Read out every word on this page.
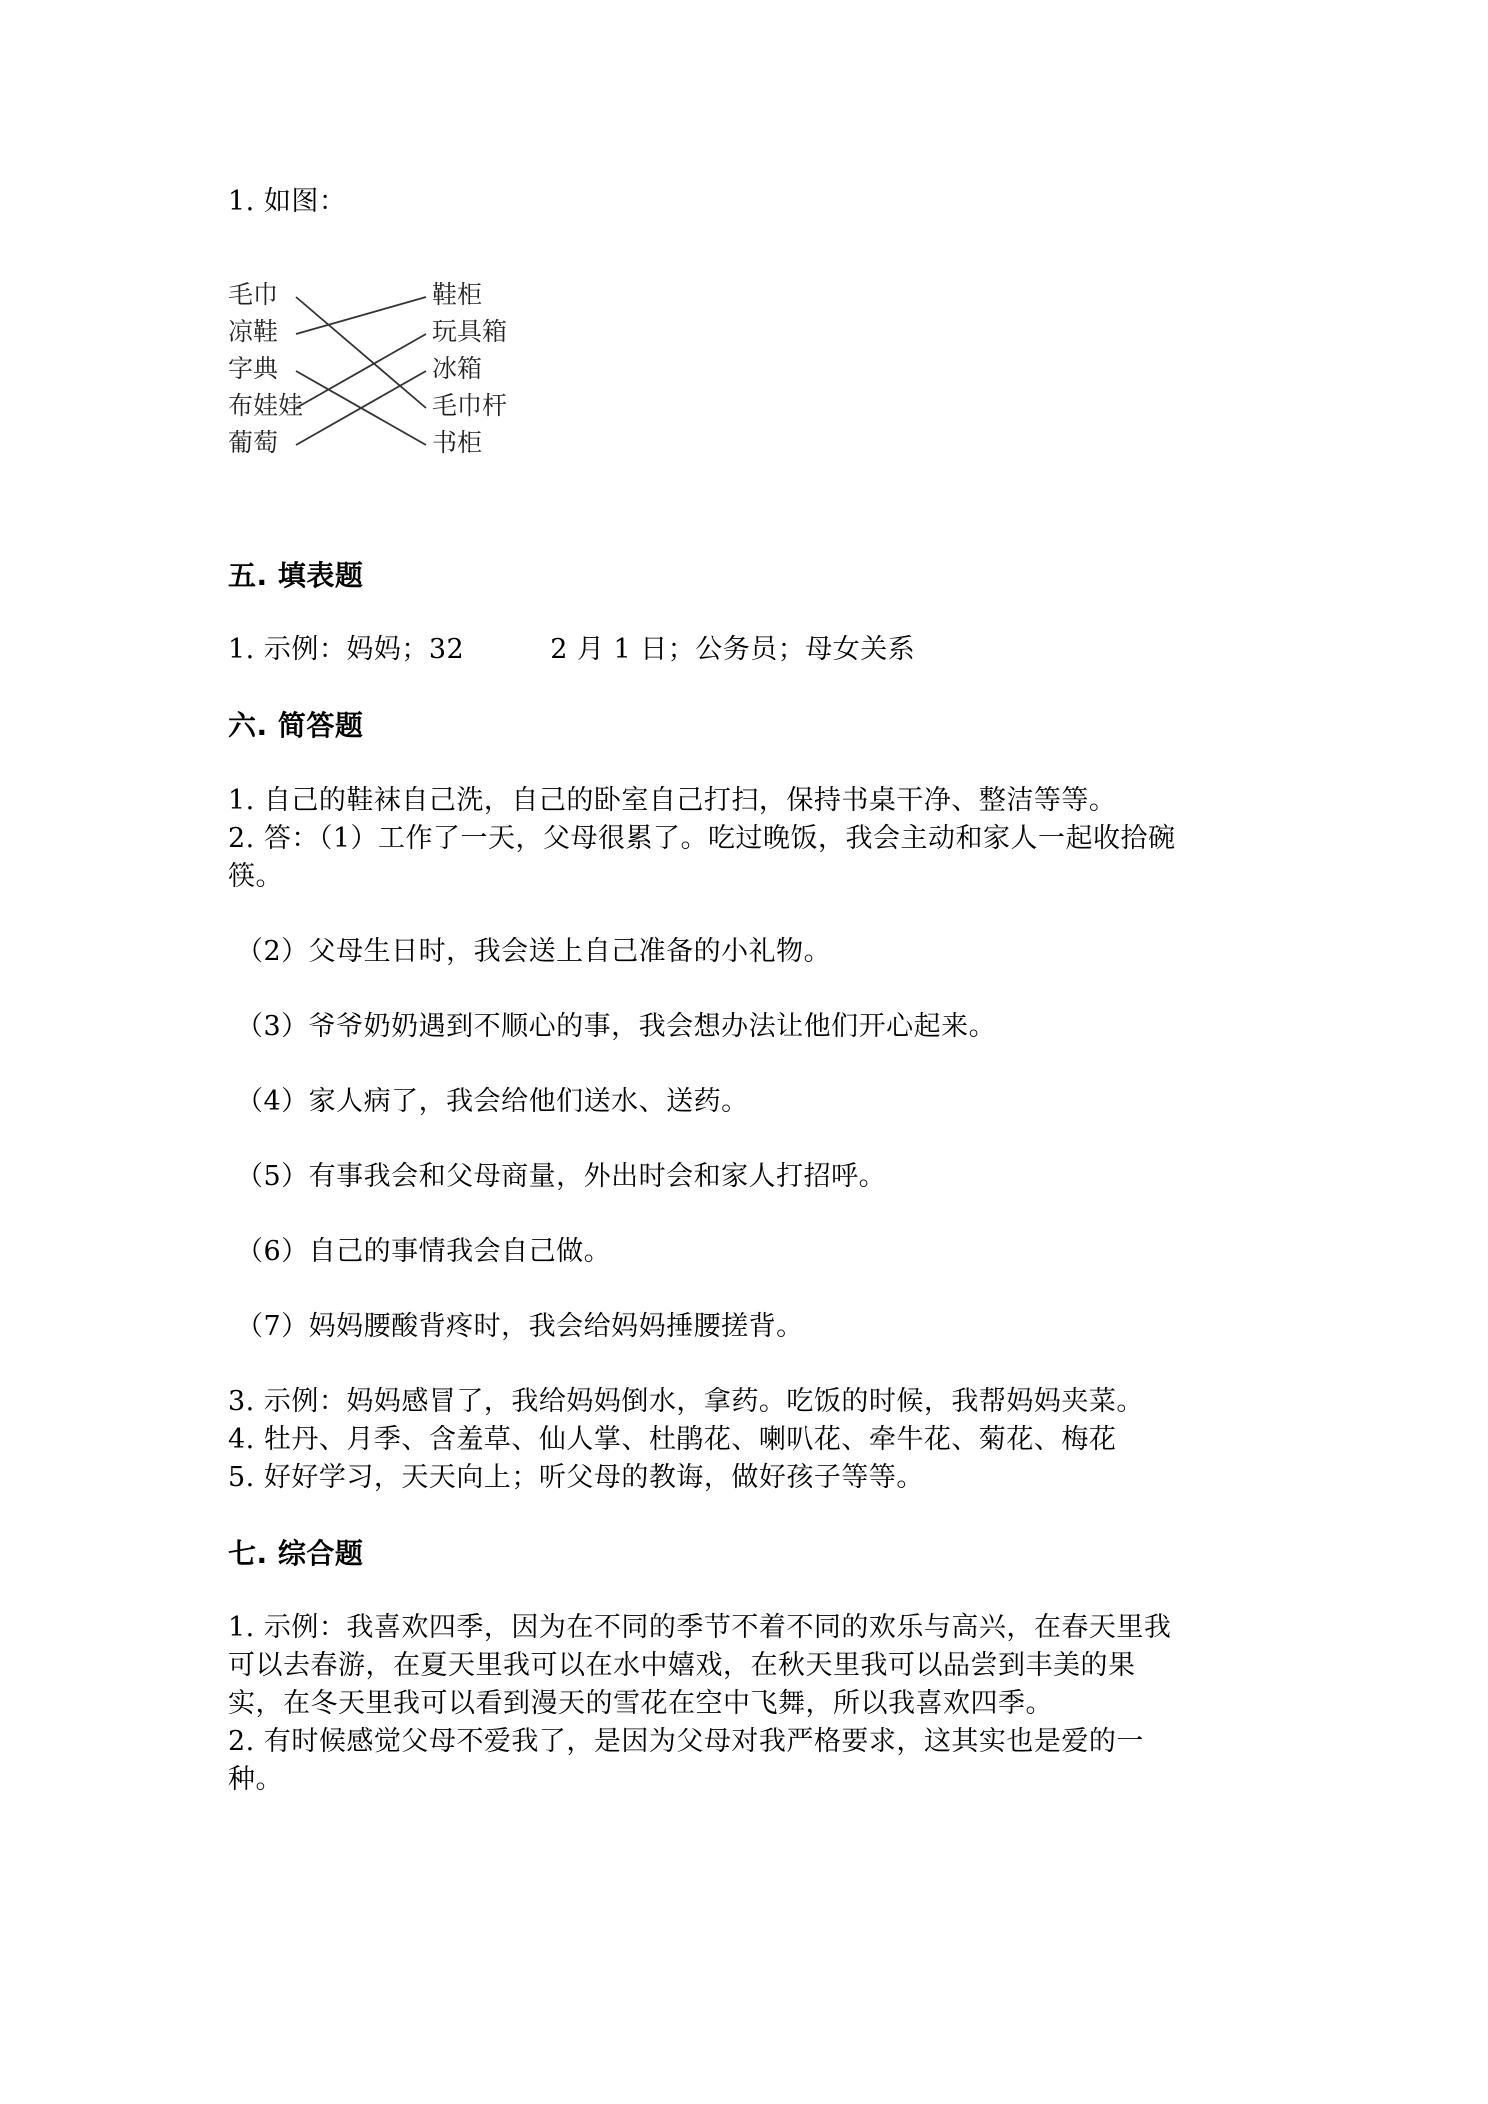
1. 如图：
毛巾
凉鞋
字典
布娃娃
葡萄
鞋柜
玩具箱
冰箱
毛巾杆
书柜
五. 填表题
1. 示例：妈妈；32	2 月 1 日；公务员；母女关系
六. 简答题
1. 自己的鞋袜自己洗，自己的卧室自己打扫，保持书桌干净、整洁等等。
2. 答：（1）工作了一天，父母很累了。吃过晚饭，我会主动和家人一起收拾碗
筷。
（2）父母生日时，我会送上自己准备的小礼物。
（3）爷爷奶奶遇到不顺心的事，我会想办法让他们开心起来。
（4）家人病了，我会给他们送水、送药。
（5）有事我会和父母商量，外出时会和家人打招呼。
（6）自己的事情我会自己做。
（7）妈妈腰酸背疼时，我会给妈妈捶腰搓背。
3. 示例：妈妈感冒了，我给妈妈倒水，拿药。吃饭的时候，我帮妈妈夹菜。
4. 牡丹、月季、含羞草、仙人掌、杜鹃花、喇叭花、牵牛花、菊花、梅花
5. 好好学习，天天向上；听父母的教诲，做好孩子等等。
七. 综合题
1. 示例：我喜欢四季，因为在不同的季节不着不同的欢乐与高兴，在春天里我
可以去春游，在夏天里我可以在水中嬉戏，在秋天里我可以品尝到丰美的果
实，在冬天里我可以看到漫天的雪花在空中飞舞，所以我喜欢四季。
2. 有时候感觉父母不爱我了，是因为父母对我严格要求，这其实也是爱的一
种。
